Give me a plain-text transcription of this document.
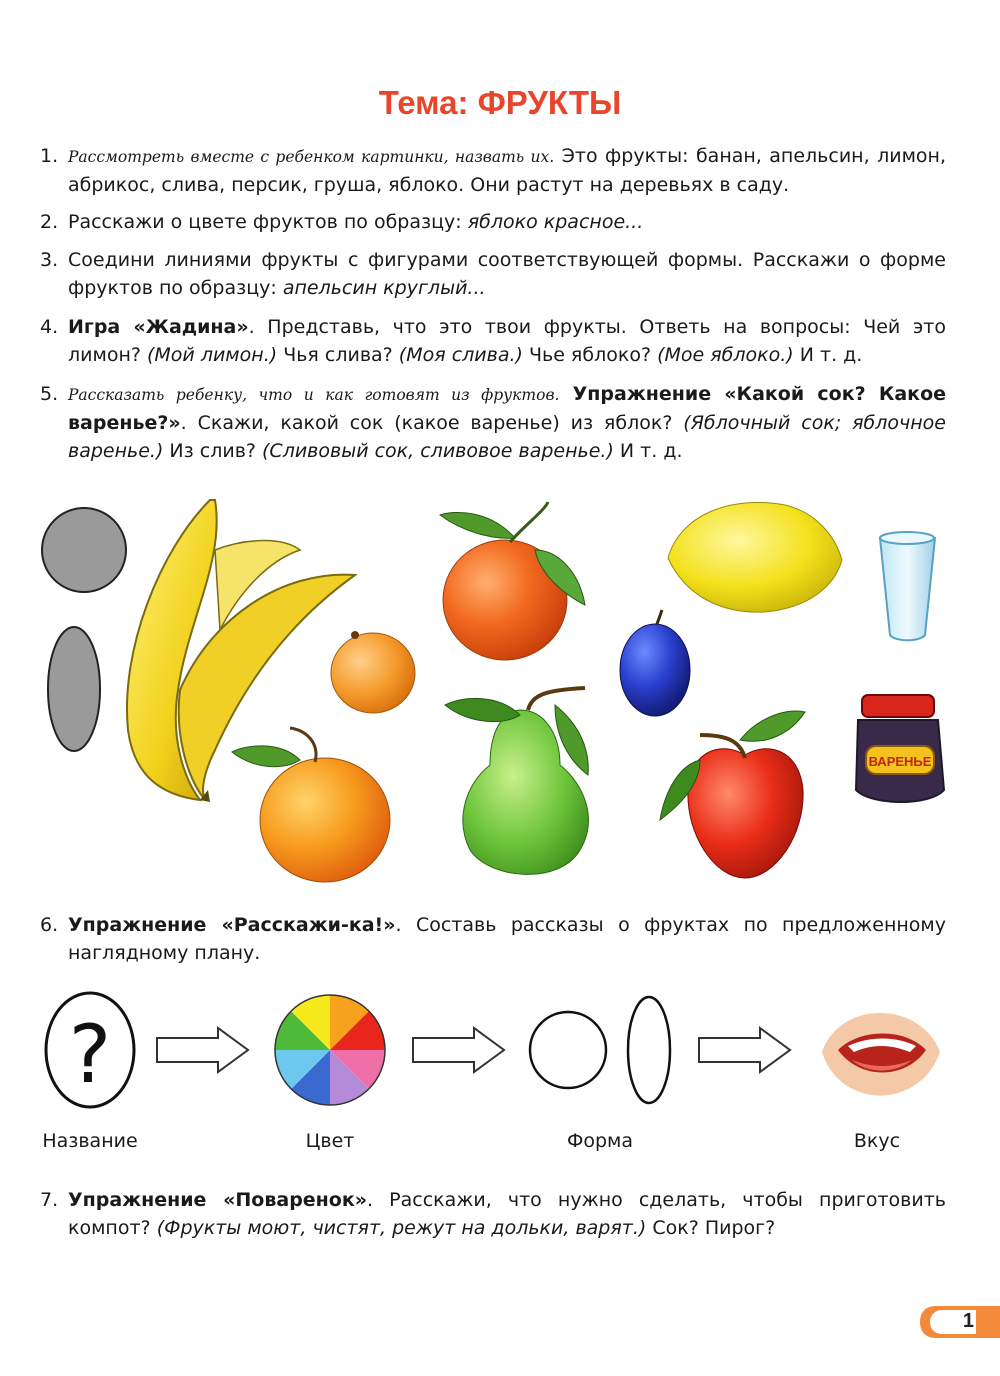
Тема: ФРУКТЫ
1. Рассмотреть вместе с ребенком картинки, назвать их. Это фрукты: банан, апельсин, лимон, абрикос, слива, персик, груша, яблоко. Они растут на деревьях в саду.
2. Расскажи о цвете фруктов по образцу: яблоко красное...
3. Соедини линиями фрукты с фигурами соответствующей формы. Расскажи о форме фруктов по образцу: апельсин круглый...
4. Игра «Жадина». Представь, что это твои фрукты. Ответь на вопросы: Чей это лимон? (Мой лимон.) Чья слива? (Моя слива.) Чье яблоко? (Мое яблоко.) И т. д.
5. Рассказать ребенку, что и как готовят из фруктов. Упражнение «Какой сок? Какое варенье?». Скажи, какой сок (какое варенье) из яблок? (Яблочный сок; яблочное варенье.) Из слив? (Сливовый сок, сливовое варенье.) И т. д.
ВАРЕНЬЕ
6. Упражнение «Расскажи-ка!». Составь рассказы о фруктах по предложенному наглядному плану.
?
Название	Цвет	Форма	Вкус
7. Упражнение «Поваренок». Расскажи, что нужно сделать, чтобы приготовить компот? (Фрукты моют, чистят, режут на дольки, варят.) Сок? Пирог?
1
